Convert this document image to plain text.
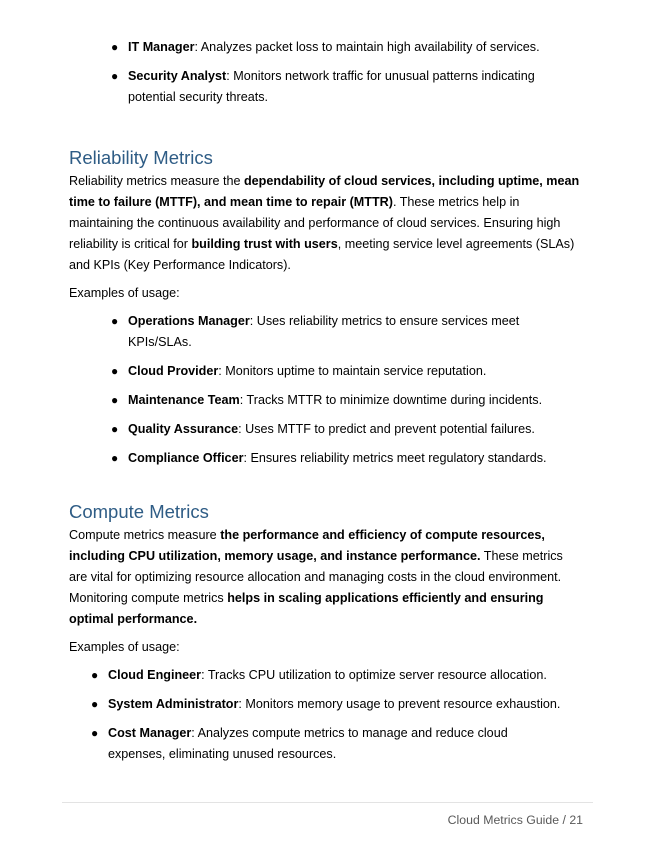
● IT Manager: Analyzes packet loss to maintain high availability of services.
● Security Analyst: Monitors network traffic for unusual patterns indicating potential security threats.
Reliability Metrics

Reliability metrics measure the dependability of cloud services, including uptime, mean time to failure (MTTF), and mean time to repair (MTTR). These metrics help in maintaining the continuous availability and performance of cloud services. Ensuring high reliability is critical for building trust with users, meeting service level agreements (SLAs) and KPIs (Key Performance Indicators).

Examples of usage:

● Operations Manager: Uses reliability metrics to ensure services meet KPIs/SLAs.
● Cloud Provider: Monitors uptime to maintain service reputation.
● Maintenance Team: Tracks MTTR to minimize downtime during incidents.
● Quality Assurance: Uses MTTF to predict and prevent potential failures.
● Compliance Officer: Ensures reliability metrics meet regulatory standards.
Compute Metrics

Compute metrics measure the performance and efficiency of compute resources, including CPU utilization, memory usage, and instance performance. These metrics are vital for optimizing resource allocation and managing costs in the cloud environment. Monitoring compute metrics helps in scaling applications efficiently and ensuring optimal performance.

Examples of usage:

● Cloud Engineer: Tracks CPU utilization to optimize server resource allocation.
● System Administrator: Monitors memory usage to prevent resource exhaustion.
● Cost Manager: Analyzes compute metrics to manage and reduce cloud expenses, eliminating unused resources.
Cloud Metrics Guide / 21
